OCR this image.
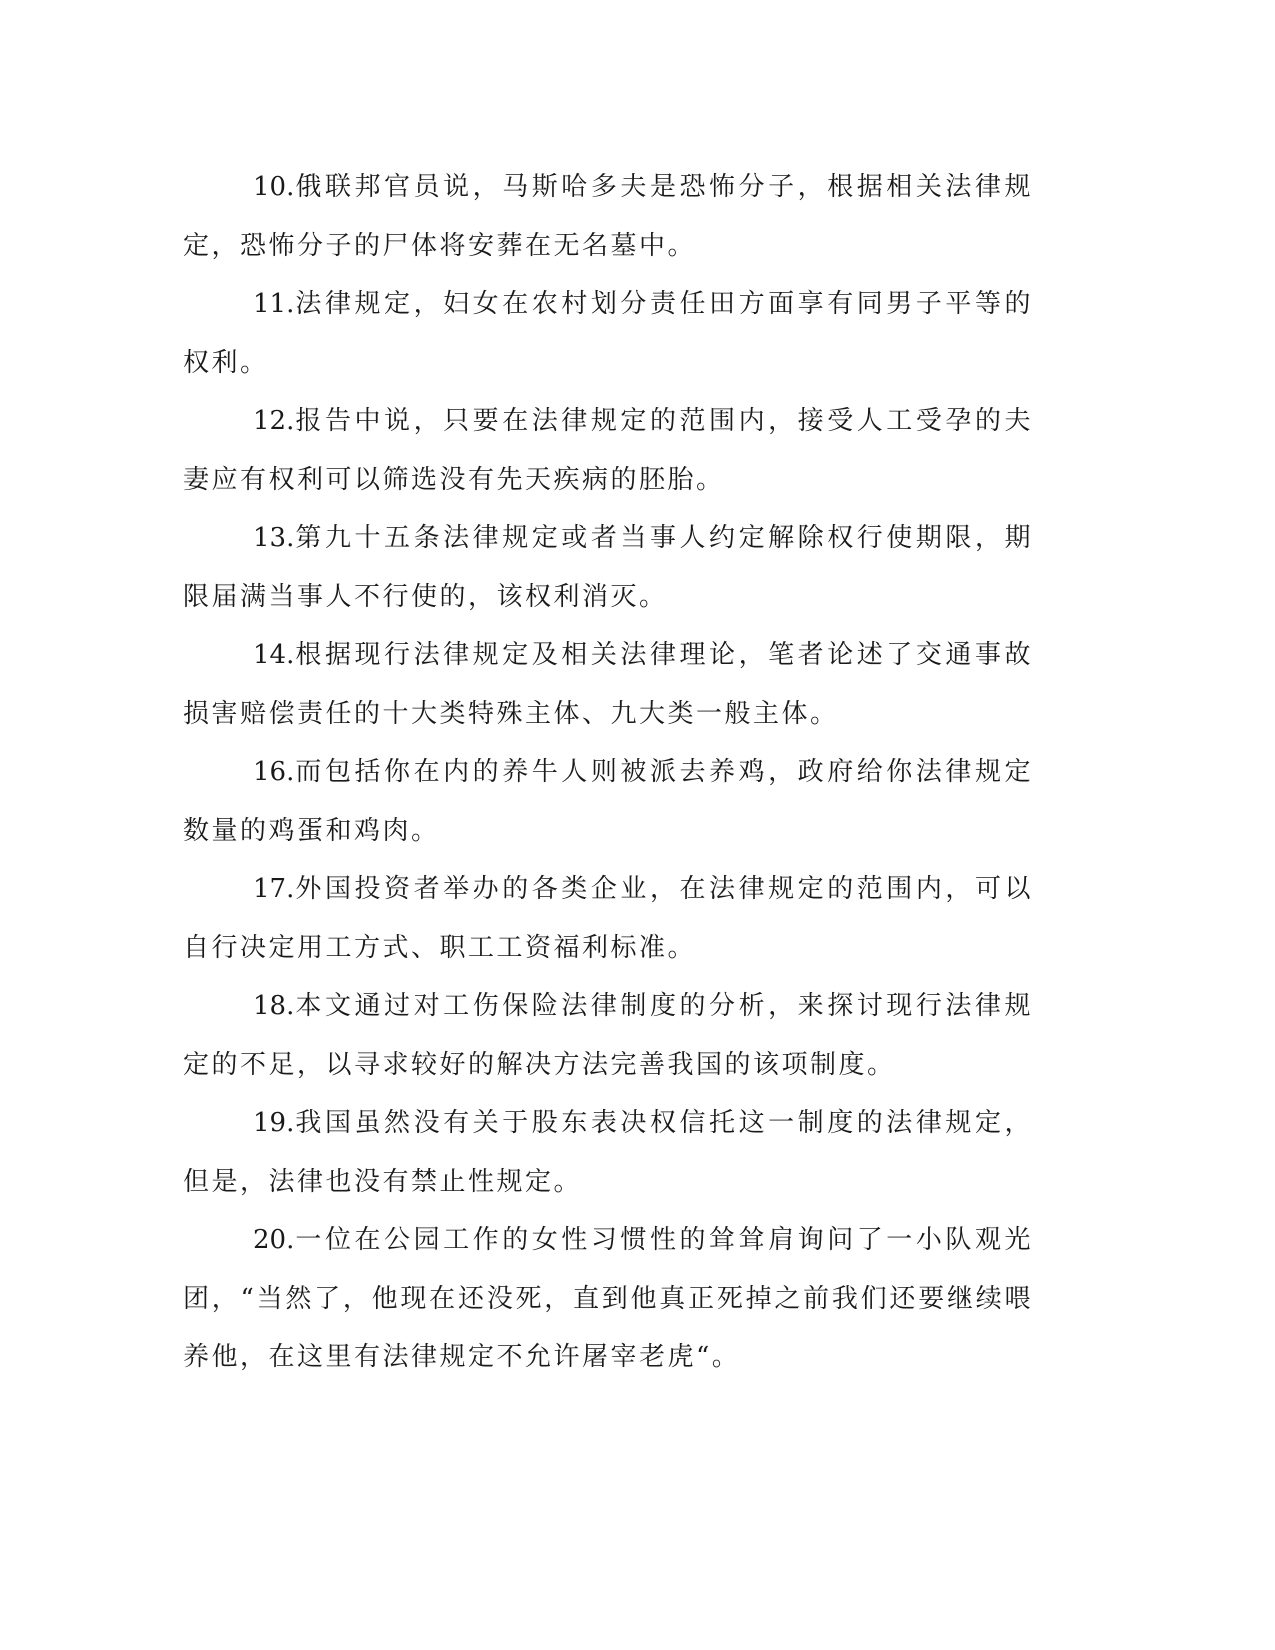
10.俄联邦官员说，马斯哈多夫是恐怖分子，根据相关法律规定，恐怖分子的尸体将安葬在无名墓中。

11.法律规定，妇女在农村划分责任田方面享有同男子平等的权利。

12.报告中说，只要在法律规定的范围内，接受人工受孕的夫妻应有权利可以筛选没有先天疾病的胚胎。

13.第九十五条法律规定或者当事人约定解除权行使期限，期限届满当事人不行使的，该权利消灭。

14.根据现行法律规定及相关法律理论，笔者论述了交通事故损害赔偿责任的十大类特殊主体、九大类一般主体。

16.而包括你在内的养牛人则被派去养鸡，政府给你法律规定数量的鸡蛋和鸡肉。

17.外国投资者举办的各类企业，在法律规定的范围内，可以自行决定用工方式、职工工资福利标准。

18.本文通过对工伤保险法律制度的分析，来探讨现行法律规定的不足，以寻求较好的解决方法完善我国的该项制度。

19.我国虽然没有关于股东表决权信托这一制度的法律规定，但是，法律也没有禁止性规定。

20.一位在公园工作的女性习惯性的耸耸肩询问了一小队观光团，“当然了，他现在还没死，直到他真正死掉之前我们还要继续喂养他，在这里有法律规定不允许屠宰老虎“。
